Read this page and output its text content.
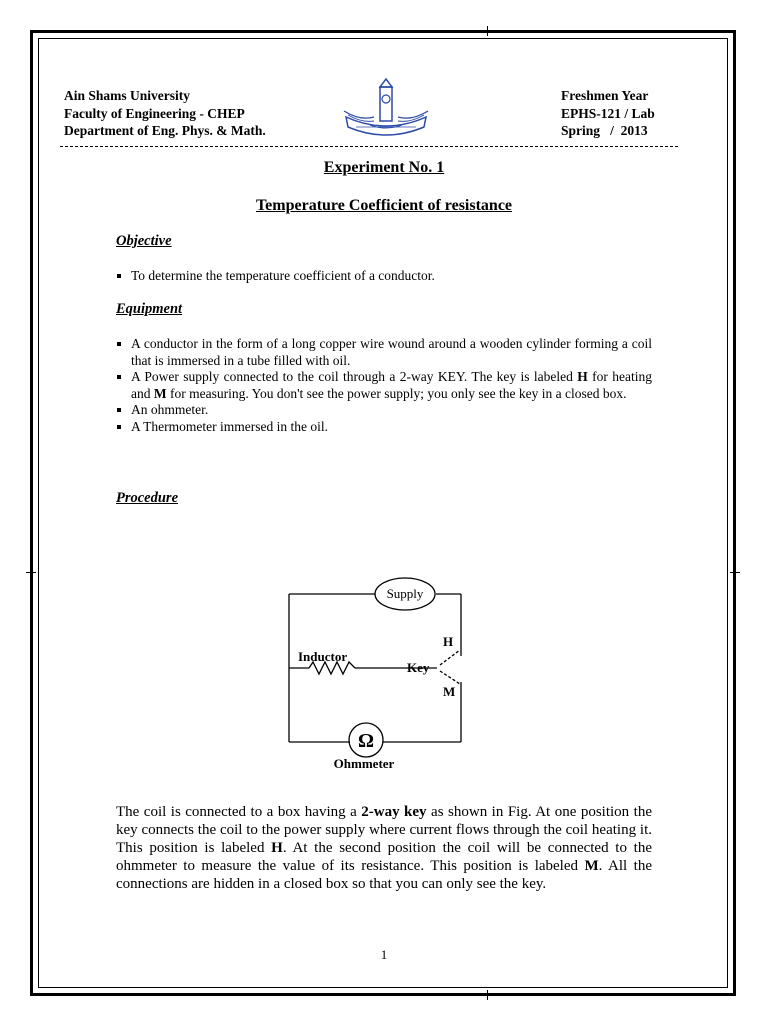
Ain Shams University
Faculty of Engineering - CHEP
Department of Eng. Phys. & Math.
Freshmen Year
EPHS-121 / Lab
Spring   /  2013
Experiment No. 1
Temperature Coefficient of resistance
Objective
To determine the temperature coefficient of a conductor.
Equipment
A conductor in the form of a long copper wire wound around a wooden cylinder forming a coil that is immersed in a tube filled with oil.
A Power supply connected to the coil through a 2-way KEY. The key is labeled H for heating and M for measuring. You don't see the power supply; you only see the key in a closed box.
An ohmmeter.
A Thermometer immersed in the oil.
Procedure
Supply
Inductor
Key
H
M
Ω
Ohmmeter
The coil is connected to a box having a 2-way key as shown in Fig. At one position the key connects the coil to the power supply where current flows through the coil heating it. This position is labeled H. At the second position the coil will be connected to the ohmmeter to measure the value of its resistance. This position is labeled M. All the connections are hidden in a closed box so that you can only see the key.
1
